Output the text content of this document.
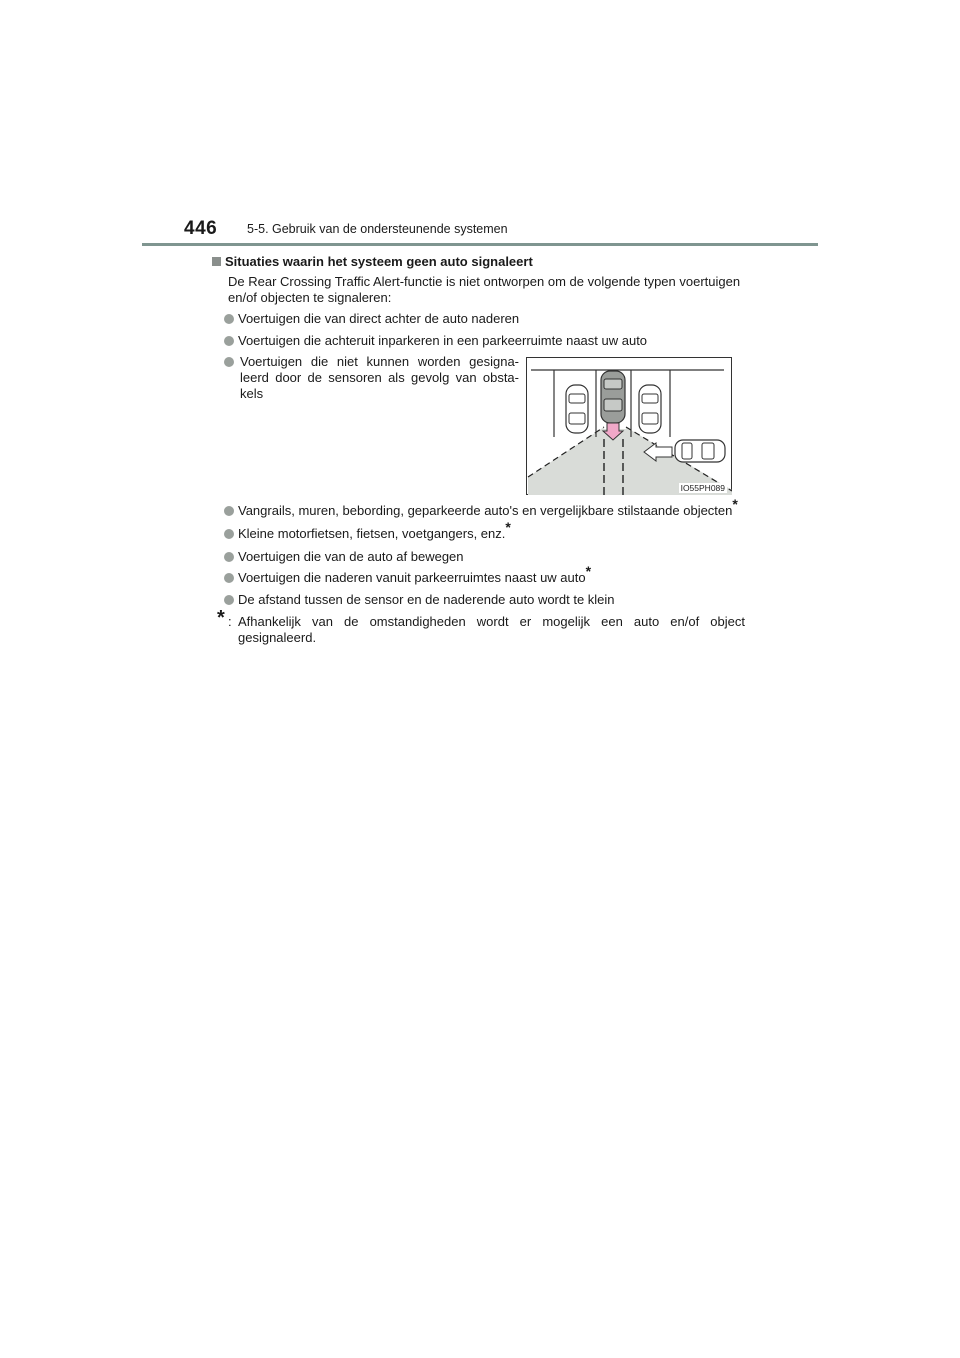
446 5-5. Gebruik van de ondersteunende systemen
Situaties waarin het systeem geen auto signaleert
De Rear Crossing Traffic Alert-functie is niet ontworpen om de volgende typen voertuigen en/of objecten te signaleren:
Voertuigen die van direct achter de auto naderen
Voertuigen die achteruit inparkeren in een parkeerruimte naast uw auto
Voertuigen die niet kunnen worden gesigna-leerd door de sensoren als gevolg van obsta-kels
Vangrails, muren, bebording, geparkeerde auto's en vergelijkbare stilstaande objecten*
Kleine motorfietsen, fietsen, voetgangers, enz.*
Voertuigen die van de auto af bewegen
Voertuigen die naderen vanuit parkeerruimtes naast uw auto*
De afstand tussen de sensor en de naderende auto wordt te klein
* : Afhankelijk van de omstandigheden wordt er mogelijk een auto en/of object gesignaleerd.
IO55PH089
